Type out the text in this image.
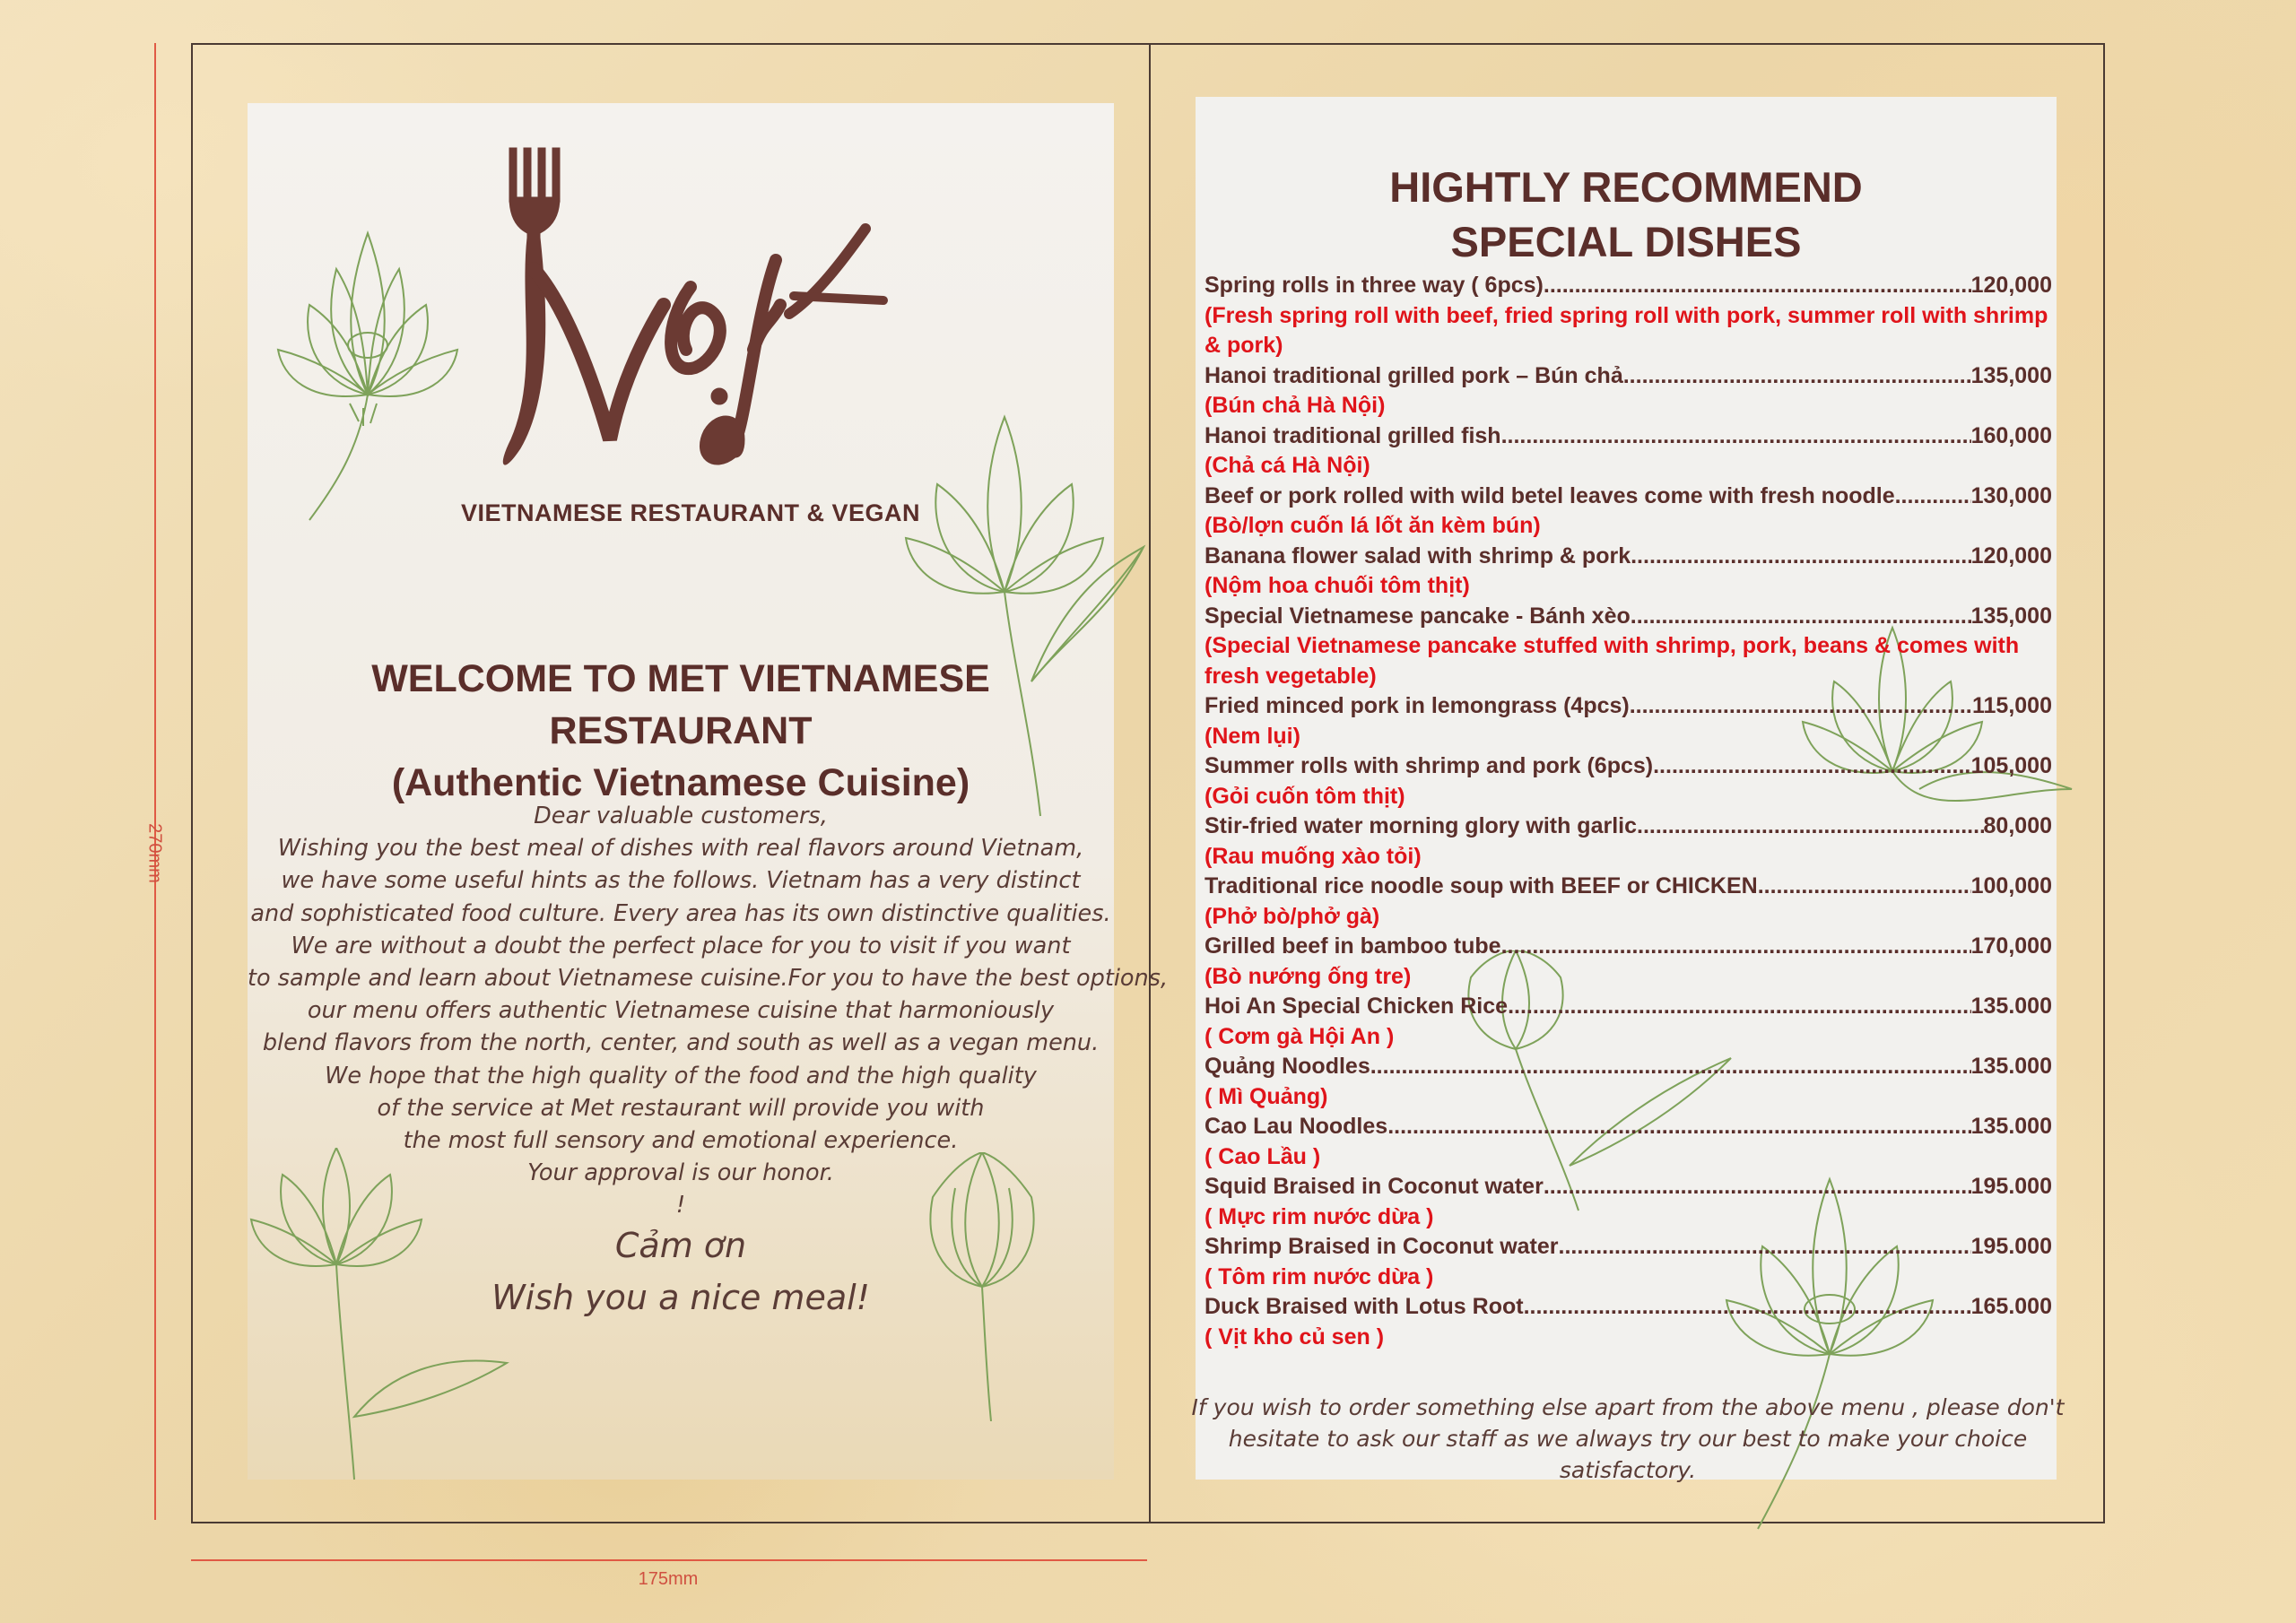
270mm
175mm
VIETNAMESE RESTAURANT & VEGAN
WELCOME TO MET VIETNAMESE RESTAURANT
(Authentic Vietnamese Cuisine)
Dear valuable customers,
Wishing you the best meal of dishes with real flavors around Vietnam,
we have some useful hints as the follows. Vietnam has a very distinct
and sophisticated food culture. Every area has its own distinctive qualities.
We are without a doubt the perfect place for you to visit if you want
to sample and learn about Vietnamese cuisine.For you to have the best options,
our menu offers authentic Vietnamese cuisine that harmoniously
blend flavors from the north, center, and south as well as a vegan menu.
We hope that the high quality of the food and the high quality
of the service at Met restaurant will provide you with
the most full sensory and emotional experience.
Your approval is our honor.
!
Cảm ơn
Wish you a nice meal!
HIGHTLY RECOMMEND
SPECIAL DISHES
Spring rolls in three way ( 6pcs) .....	120,000
(Fresh spring roll with beef, fried spring roll with pork, summer roll with shrimp & pork)
Hanoi traditional grilled pork – Bún chả .....	135,000
(Bún chả Hà Nội)
Hanoi traditional grilled fish .....	160,000
(Chả cá Hà Nội)
Beef or pork rolled with wild betel leaves come with fresh noodle .....	130,000
(Bò/lợn cuốn lá lốt ăn kèm bún)
Banana flower salad with shrimp & pork .....	120,000
(Nộm hoa chuối tôm thịt)
Special Vietnamese pancake - Bánh xèo .....	135,000
(Special Vietnamese pancake stuffed with shrimp, pork, beans & comes with fresh vegetable)
Fried minced pork in lemongrass (4pcs) .....	115,000
(Nem lụi)
Summer rolls with shrimp and pork (6pcs) .....	105,000
(Gỏi cuốn tôm thịt)
Stir-fried water morning glory with garlic .....	80,000
(Rau muống xào tỏi)
Traditional rice noodle soup with BEEF or CHICKEN .....	100,000
(Phở bò/phở gà)
Grilled beef in bamboo tube .....	170,000
(Bò nướng ống tre)
Hoi An Special Chicken Rice .....	135.000
( Cơm gà Hội An )
Quảng Noodles .....	135.000
( Mì Quảng)
Cao Lau Noodles .....	135.000
( Cao Lầu )
Squid Braised in Coconut water .....	195.000
( Mực rim nước dừa )
Shrimp Braised in Coconut water .....	195.000
( Tôm rim nước dừa )
Duck Braised with Lotus Root .....	165.000
( Vịt kho củ sen )
If you wish to order something else apart from the above menu , please don't
hesitate to ask our staff as we always try our best to make your choice satisfactory.
